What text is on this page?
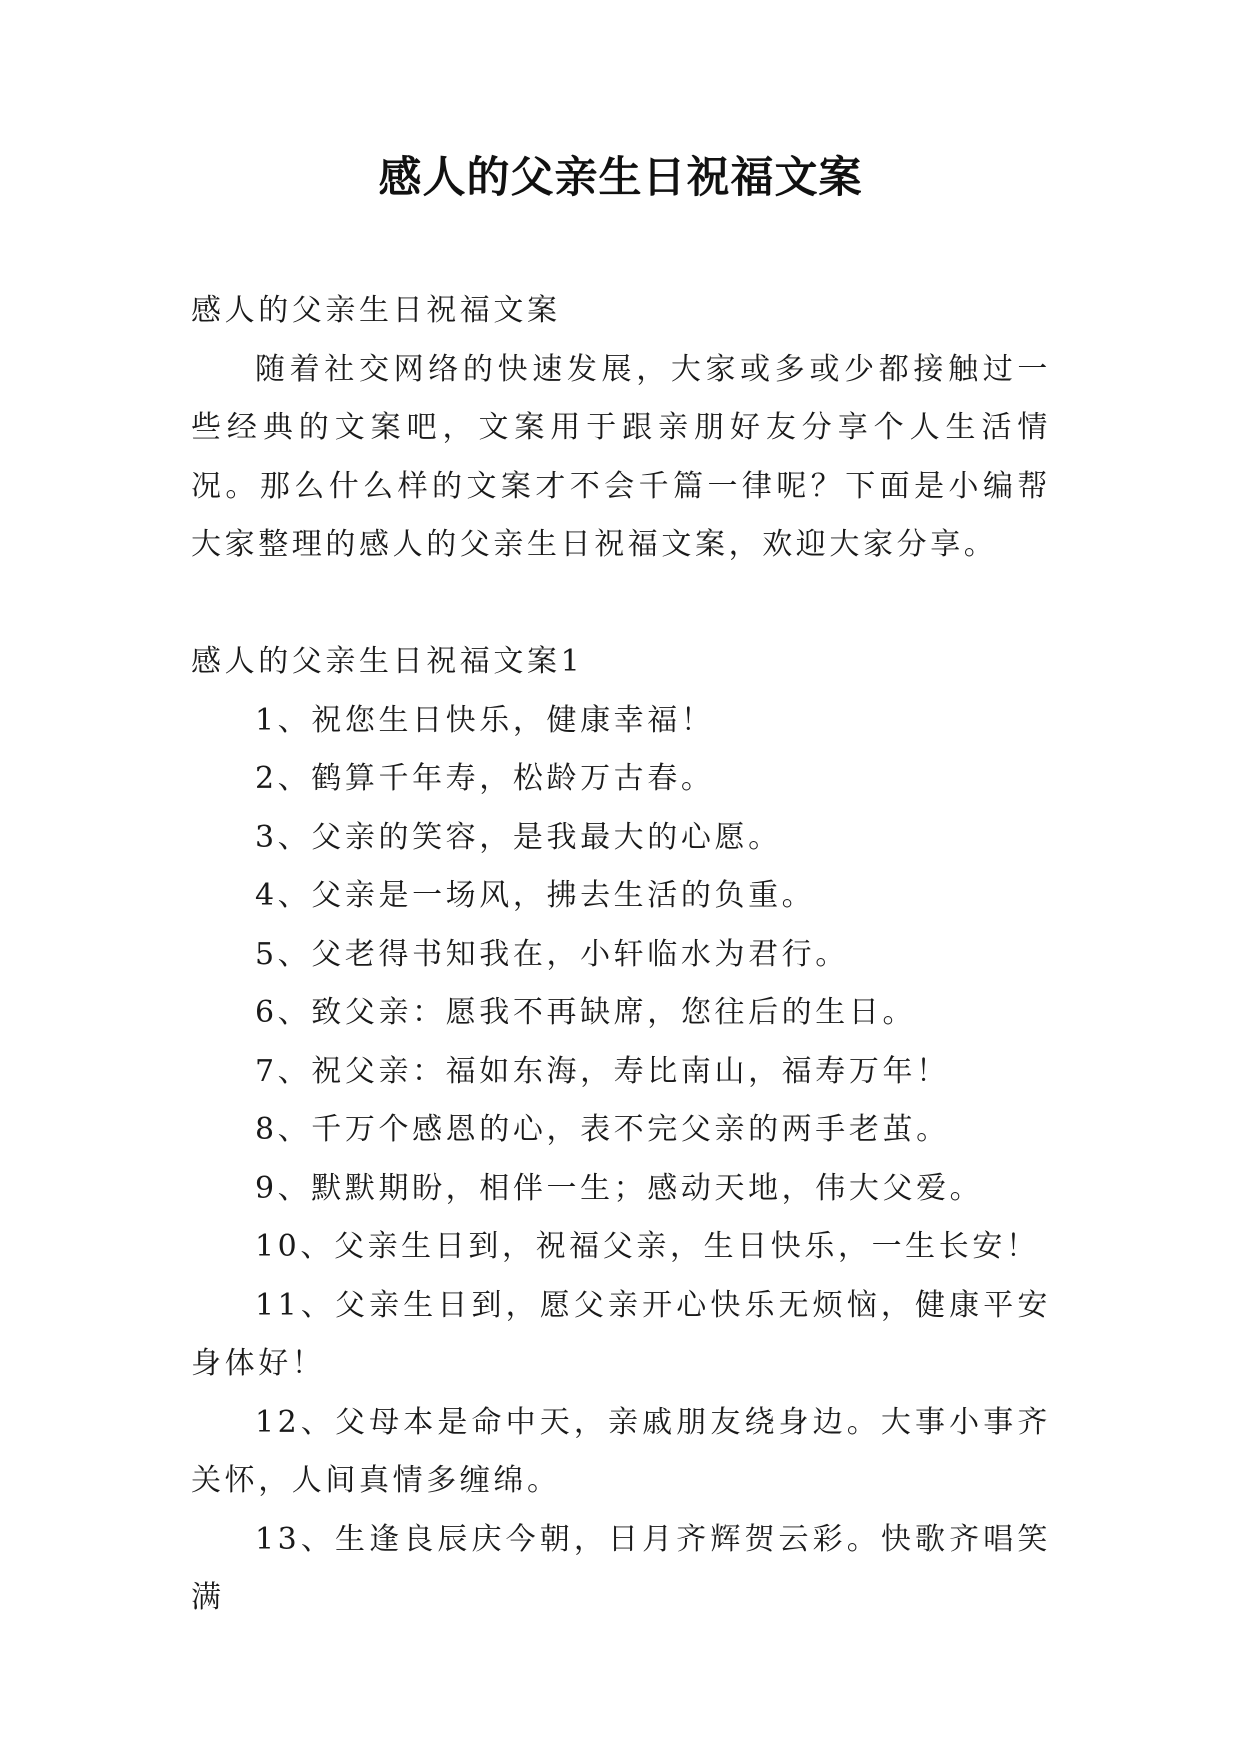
感人的父亲生日祝福文案

感人的父亲生日祝福文案

随着社交网络的快速发展，大家或多或少都接触过一些经典的文案吧，文案用于跟亲朋好友分享个人生活情况。那么什么样的文案才不会千篇一律呢？下面是小编帮大家整理的感人的父亲生日祝福文案，欢迎大家分享。

感人的父亲生日祝福文案1

1、祝您生日快乐，健康幸福！

2、鹤算千年寿，松龄万古春。

3、父亲的笑容，是我最大的心愿。

4、父亲是一场风，拂去生活的负重。

5、父老得书知我在，小轩临水为君行。

6、致父亲：愿我不再缺席，您往后的生日。

7、祝父亲：福如东海，寿比南山，福寿万年！

8、千万个感恩的心，表不完父亲的两手老茧。

9、默默期盼，相伴一生；感动天地，伟大父爱。

10、父亲生日到，祝福父亲，生日快乐，一生长安！

11、父亲生日到，愿父亲开心快乐无烦恼，健康平安身体好！

12、父母本是命中天，亲戚朋友绕身边。大事小事齐关怀，人间真情多缠绵。

13、生逢良辰庆今朝，日月齐辉贺云彩。快歌齐唱笑满
